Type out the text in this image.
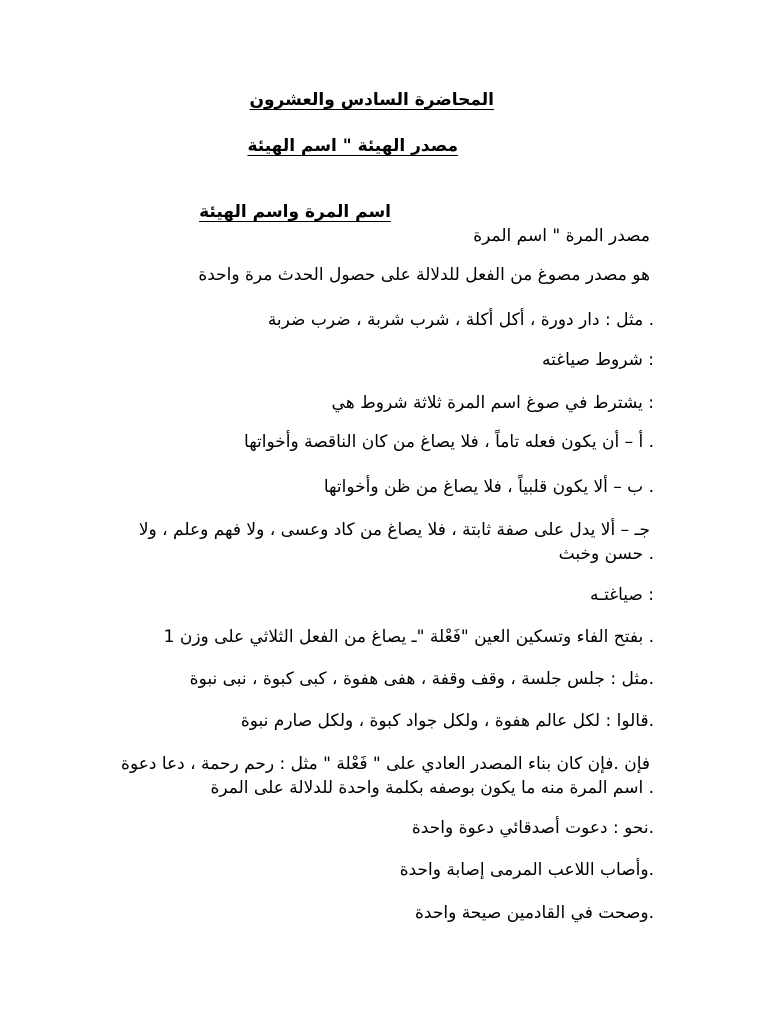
المحاضرة السادس والعشرون
مصدر الهيئة " اسم الهيئة
اسم المرة واسم الهيئة
مصدر المرة " اسم المرة
هو مصدر مصوغ من الفعل للدلالة على حصول الحدث مرة واحدة
. مثل : دار دورة ، أكل أكلة ، شرب شربة ، ضرب ضربة
: شروط صياغته
: يشترط في صوغ اسم المرة ثلاثة شروط هي
. أ – أن يكون فعله تاماً ، فلا يصاغ من كان الناقصة وأخواتها
. ب – ألا يكون قلبياً ، فلا يصاغ من ظن وأخواتها
جـ – ألا يدل على صفة ثابتة ، فلا يصاغ من كاد وعسى ، ولا فهم وعلم ، ولا
. حسن وخبث
: صياغتـه
. بفتح الفاء وتسكين العين "فَعْلة "ـ يصاغ من الفعل الثلاثي على وزن 1
.مثل : جلس جلسة ، وقف وقفة ، هفى هفوة ، كبى كبوة ، نبى نبوة
.قالوا : لكل عالم هفوة ، ولكل جواد كبوة ، ولكل صارم نبوة
فإن .فإن كان بناء المصدر العادي على " فَعْلة " مثل : رحم رحمة ، دعا دعوة
. اسم المرة منه ما يكون بوصفه بكلمة واحدة للدلالة على المرة
.نحو : دعوت أصدقائي دعوة واحدة
.وأصاب اللاعب المرمى إصابة واحدة
.وصحت في القادمين صيحة واحدة
